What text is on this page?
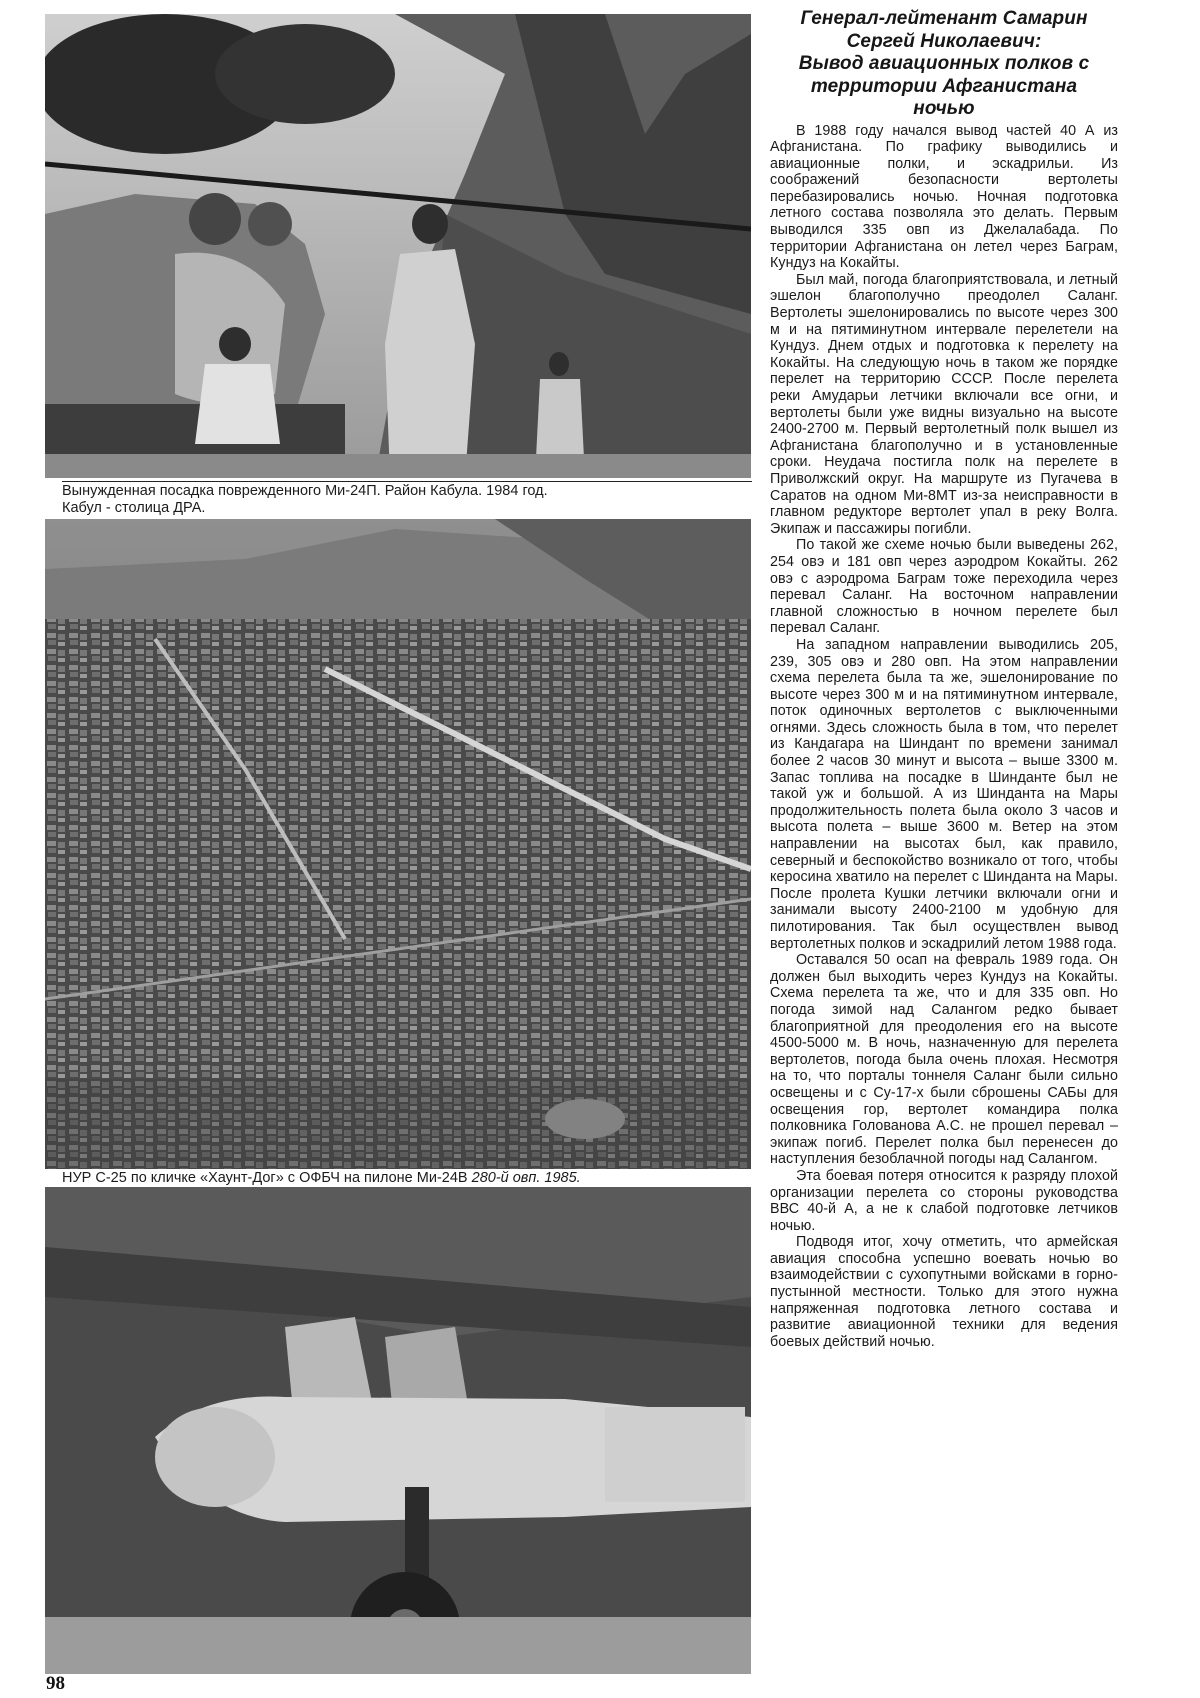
Вынужденная посадка поврежденного Ми-24П. Район Кабула. 1984 год.
Кабул - столица ДРА.
НУР С-25 по кличке «Хаунт-Дог» с ОФБЧ на пилоне Ми-24В 280-й овп. 1985.
Генерал-лейтенант Самарин
Сергей Николаевич:
Вывод авиационных полков с
территории Афганистана
ночью

В 1988 году начался вывод частей 40 А из Афганистана. По графику выводились и авиационные полки, и эскадрильи. Из соображений безопасности вертолеты перебазировались ночью. Ночная подготовка летного состава позволяла это делать. Первым выводился 335 овп из Джелалабада. По территории Афганистана он летел через Баграм, Кундуз на Кокайты.

Был май, погода благоприятствовала, и летный эшелон благополучно преодолел Саланг. Вертолеты эшелонировались по высоте через 300 м и на пятиминутном интервале перелетели на Кундуз. Днем отдых и подготовка к перелету на Кокайты. На следующую ночь в таком же порядке перелет на территорию СССР. После перелета реки Амударьи летчики включали все огни, и вертолеты были уже видны визуально на высоте 2400-2700 м. Первый вертолетный полк вышел из Афганистана благополучно и в установленные сроки. Неудача постигла полк на перелете в Приволжский округ. На маршруте из Пугачева в Саратов на одном Ми-8МТ из-за неисправности в главном редукторе вертолет упал в реку Волга. Экипаж и пассажиры погибли.

По такой же схеме ночью были выведены 262, 254 овэ и 181 овп через аэродром Кокайты. 262 овэ с аэродрома Баграм тоже переходила через перевал Саланг. На восточном направлении главной сложностью в ночном перелете был перевал Саланг.

На западном направлении выводились 205, 239, 305 овэ и 280 овп. На этом направлении схема перелета была та же, эшелонирование по высоте через 300 м и на пятиминутном интервале, поток одиночных вертолетов с выключенными огнями. Здесь сложность была в том, что перелет из Кандагара на Шиндант по времени занимал более 2 часов 30 минут и высота – выше 3300 м. Запас топлива на посадке в Шинданте был не такой уж и большой. А из Шинданта на Мары продолжительность полета была около 3 часов и высота полета – выше 3600 м. Ветер на этом направлении на высотах был, как правило, северный и беспокойство возникало от того, чтобы керосина хватило на перелет с Шинданта на Мары. После пролета Кушки летчики включали огни и занимали высоту 2400-2100 м удобную для пилотирования. Так был осуществлен вывод вертолетных полков и эскадрилий летом 1988 года.

Оставался 50 осап на февраль 1989 года. Он должен был выходить через Кундуз на Кокайты. Схема перелета та же, что и для 335 овп. Но погода зимой над Салангом редко бывает благоприятной для преодоления его на высоте 4500-5000 м. В ночь, назначенную для перелета вертолетов, погода была очень плохая. Несмотря на то, что порталы тоннеля Саланг были сильно освещены и с Су-17-х были сброшены САБы для освещения гор, вертолет командира полка полковника Голованова А.С. не прошел перевал – экипаж погиб. Перелет полка был перенесен до наступления безоблачной погоды над Салангом.

Эта боевая потеря относится к разряду плохой организации перелета со стороны руководства ВВС 40-й А, а не к слабой подготовке летчиков ночью.

Подводя итог, хочу отметить, что армейская авиация способна успешно воевать ночью во взаимодействии с сухопутными войсками в горно-пустынной местности. Только для этого нужна напряженная подготовка летного состава и развитие авиационной техники для ведения боевых действий ночью.

98
